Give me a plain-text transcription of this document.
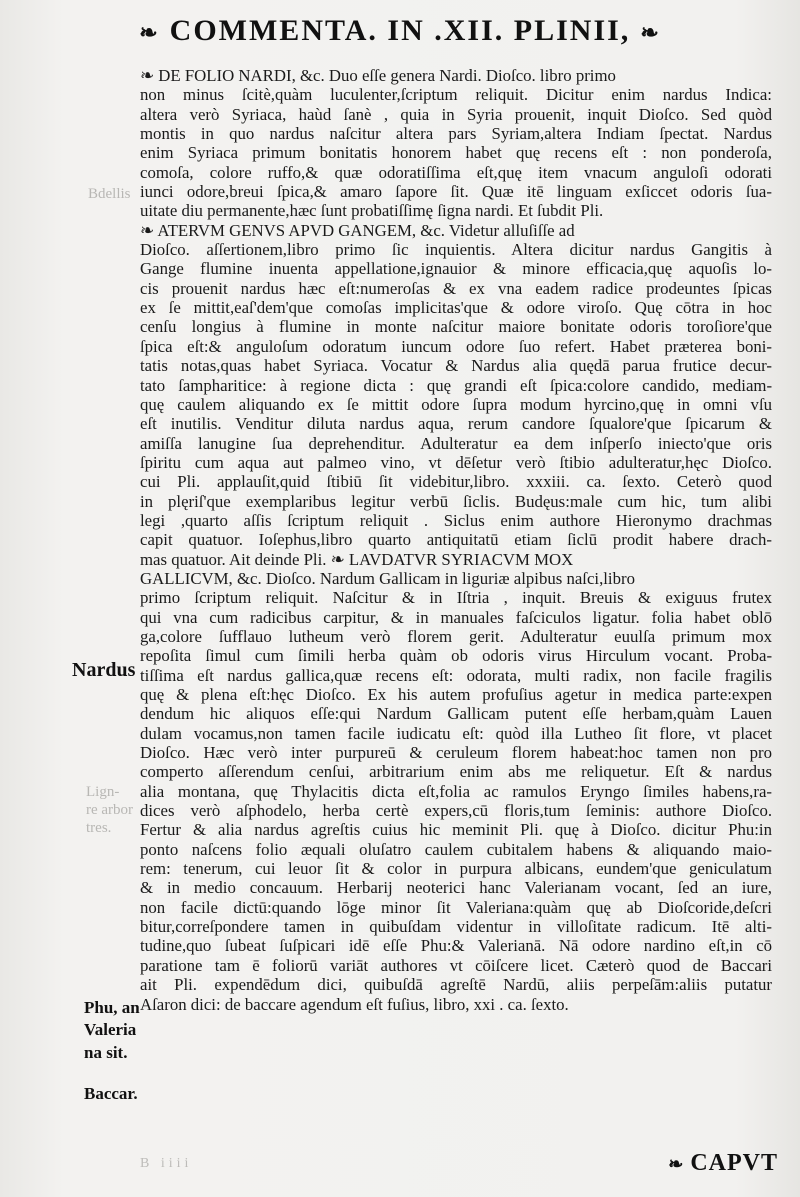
❧ COMMENTA. IN .XII. PLINII, ❧
Bdellis
Lign-
re arbor
tres.
Nardus
Phu, an
Valeria
na sit.
Baccar.
❧ DE FOLIO NARDI, &c. Duo eſſe genera Nardi. Dioſco. libro primo
non minus ſcitè,quàm luculenter,ſcriptum reliquit. Dicitur enim nardus Indica:
altera verò Syriaca, haùd ſanè , quia in Syria prouenit, inquit Dioſco. Sed quòd
montis in quo nardus naſcitur altera pars Syriam,altera Indiam ſpectat. Nardus
enim Syriaca primum bonitatis honorem habet quę recens eſt : non ponderoſa,
comoſa, colore ruffo,& quæ odoratiſſima eſt,quę item vnacum anguloſi odorati
iunci odore,breui ſpica,& amaro ſapore ſit. Quæ itē linguam exſiccet odoris ſua-
uitate diu permanente,hæc ſunt probatiſſimę ſigna nardi. Et ſubdit Pli.
❧ ATERVM GENVS APVD GANGEM, &c. Videtur alluſiſſe ad
Dioſco. aſſertionem,libro primo ſic inquientis. Altera dicitur nardus Gangitis à
Gange flumine inuenta appellatione,ignauior & minore efficacia,quę aquoſis lo-
cis prouenit nardus hæc eſt:numeroſas & ex vna eadem radice prodeuntes ſpicas
ex ſe mittit,eaſ'dem'que comoſas implicitas'que & odore viroſo. Quę cōtra in hoc
cenſu longius à flumine in monte naſcitur maiore bonitate odoris toroſiore'que
ſpica eſt:& anguloſum odoratum iuncum odore ſuo refert. Habet præterea boni-
tatis notas,quas habet Syriaca. Vocatur & Nardus alia quędā parua frutice decur-
tato ſampharitice: à regione dicta : quę grandi eſt ſpica:colore candido, mediam-
quę caulem aliquando ex ſe mittit odore ſupra modum hyrcino,quę in omni vſu
eſt inutilis. Venditur diluta nardus aqua, rerum candore ſqualore'que ſpicarum &
amiſſa lanugine ſua deprehenditur. Adulteratur ea dem inſperſo iniecto'que oris
ſpiritu cum aqua aut palmeo vino, vt dēſetur verò ſtibio adulteratur,hęc Dioſco.
cui Pli. applauſit,quid ſtibiū ſit videbitur,libro. xxxiii. ca. ſexto. Ceterò quod
in plęriſ'que exemplaribus legitur verbū ſiclis. Budęus:male cum hic, tum alibi
legi ,quarto aſſis ſcriptum reliquit . Siclus enim authore Hieronymo drachmas
capit quatuor. Ioſephus,libro quarto antiquitatū etiam ſiclū prodit habere drach-
mas quatuor. Ait deinde Pli. ❧ LAVDATVR SYRIACVM MOX
GALLICVM, &c. Dioſco. Nardum Gallicam in liguriæ alpibus naſci,libro
primo ſcriptum reliquit. Naſcitur & in Iſtria , inquit. Breuis & exiguus frutex
qui vna cum radicibus carpitur, & in manuales faſciculos ligatur. folia habet oblō
ga,colore ſufflauo lutheum verò florem gerit. Adulteratur euulſa primum mox
repoſita ſimul cum ſimili herba quàm ob odoris virus Hirculum vocant. Proba-
tiſſima eſt nardus gallica,quæ recens eſt: odorata, multi radix, non facile fragilis
quę & plena eſt:hęc Dioſco. Ex his autem profuſius agetur in medica parte:expen
dendum hic aliquos eſſe:qui Nardum Gallicam putent eſſe herbam,quàm Lauen
dulam vocamus,non tamen facile iudicatu eſt: quòd illa Lutheo ſit flore, vt placet
Dioſco. Hæc verò inter purpureū & ceruleum florem habeat:hoc tamen non pro
comperto aſſerendum cenſui, arbitrarium enim abs me reliquetur. Eſt & nardus
alia montana, quę Thylacitis dicta eſt,folia ac ramulos Eryngo ſimiles habens,ra-
dices verò aſphodelo, herba certè expers,cū floris,tum ſeminis: authore Dioſco.
Fertur & alia nardus agreſtis cuius hic meminit Pli. quę à Dioſco. dicitur Phu:in
ponto naſcens folio æquali oluſatro caulem cubitalem habens & aliquando maio-
rem: tenerum, cui leuor ſit & color in purpura albicans, eundem'que geniculatum
& in medio concauum. Herbarij neoterici hanc Valerianam vocant, ſed an iure,
non facile dictū:quando lōge minor ſit Valeriana:quàm quę ab Dioſcoride,deſcri
bitur,correſpondere tamen in quibuſdam videntur in villoſitate radicum. Itē alti-
tudine,quo ſubeat ſuſpicari idē eſſe Phu:& Valerianā. Nā odore nardino eſt,in cō
paratione tam ē foliorū variāt authores vt cōiſcere licet. Cæterò quod de Baccari
ait Pli. expendēdum dici, quibuſdā agreſtē Nardū, aliis perpeſām:aliis putatur
Aſaron dici: de baccare agendum eſt fuſius, libro, xxi . ca. ſexto.
B iiii	❧ CAPVT
